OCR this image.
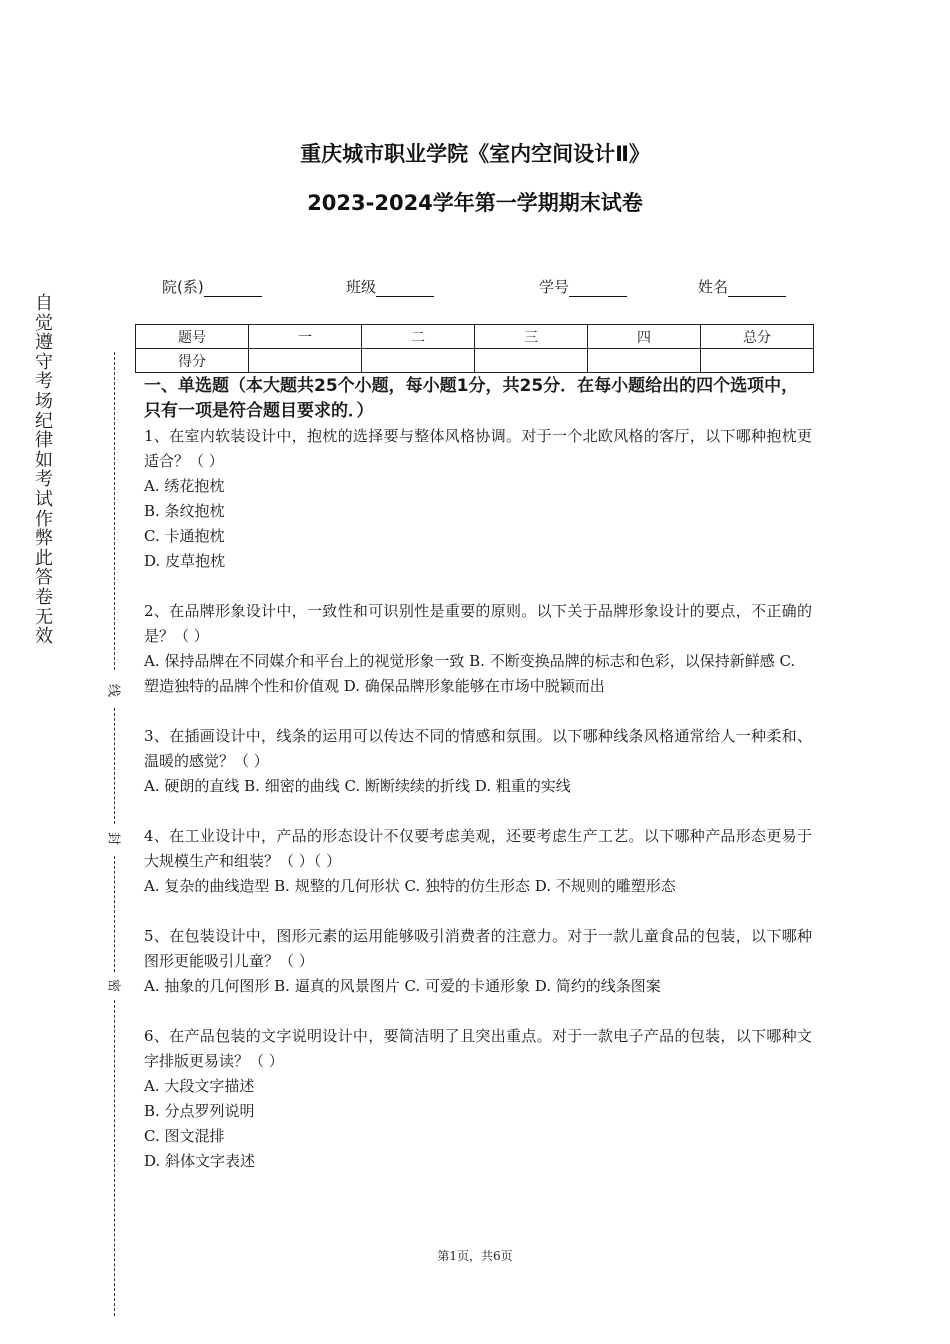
重庆城市职业学院《室内空间设计Ⅱ》
2023-2024学年第一学期期末试卷
院(系)	班级	学号	姓名
题号	一	二	三	四	总分
得分					
自觉遵守考场纪律如考试作弊此答卷无效
线
封
密
一、单选题（本大题共25个小题，每小题1分，共25分．在每小题给出的四个选项中，只有一项是符合题目要求的．）
1、在室内软装设计中，抱枕的选择要与整体风格协调。对于一个北欧风格的客厅，以下哪种抱枕更适合？（ ）
A. 绣花抱枕
B. 条纹抱枕
C. 卡通抱枕
D. 皮草抱枕
2、在品牌形象设计中，一致性和可识别性是重要的原则。以下关于品牌形象设计的要点，不正确的是？（ ）
A. 保持品牌在不同媒介和平台上的视觉形象一致 B. 不断变换品牌的标志和色彩，以保持新鲜感 C. 塑造独特的品牌个性和价值观 D. 确保品牌形象能够在市场中脱颖而出
3、在插画设计中，线条的运用可以传达不同的情感和氛围。以下哪种线条风格通常给人一种柔和、温暖的感觉？（ ）
A. 硬朗的直线 B. 细密的曲线 C. 断断续续的折线 D. 粗重的实线
4、在工业设计中，产品的形态设计不仅要考虑美观，还要考虑生产工艺。以下哪种产品形态更易于大规模生产和组装？（ ）（ ）
A. 复杂的曲线造型 B. 规整的几何形状 C. 独特的仿生形态 D. 不规则的雕塑形态
5、在包装设计中，图形元素的运用能够吸引消费者的注意力。对于一款儿童食品的包装，以下哪种图形更能吸引儿童？（ ）
A. 抽象的几何图形 B. 逼真的风景图片 C. 可爱的卡通形象 D. 简约的线条图案
6、在产品包装的文字说明设计中，要简洁明了且突出重点。对于一款电子产品的包装，以下哪种文字排版更易读？（ ）
A. 大段文字描述
B. 分点罗列说明
C. 图文混排
D. 斜体文字表述
第1页，共6页
